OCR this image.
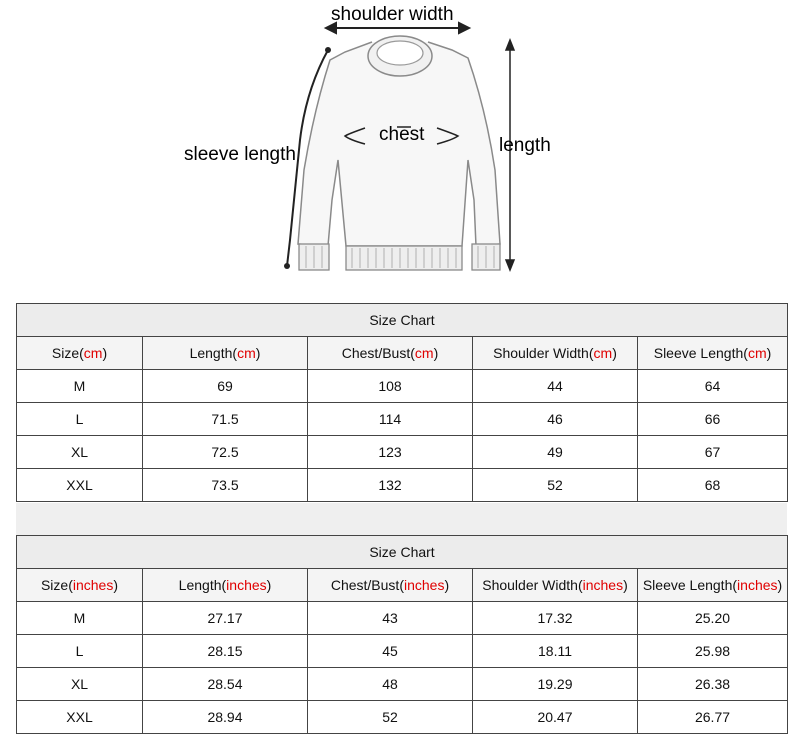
shoulder width
sleeve length
chest
length
Size Chart				
Size(cm)	Length(cm)	Chest/Bust(cm)	Shoulder Width(cm)	Sleeve Length(cm)
M	69	108	44	64
L	71.5	114	46	66
XL	72.5	123	49	67
XXL	73.5	132	52	68
Size Chart				
Size(inches)	Length(inches)	Chest/Bust(inches)	Shoulder Width(inches)	Sleeve Length(inches)
M	27.17	43	17.32	25.20
L	28.15	45	18.11	25.98
XL	28.54	48	19.29	26.38
XXL	28.94	52	20.47	26.77
